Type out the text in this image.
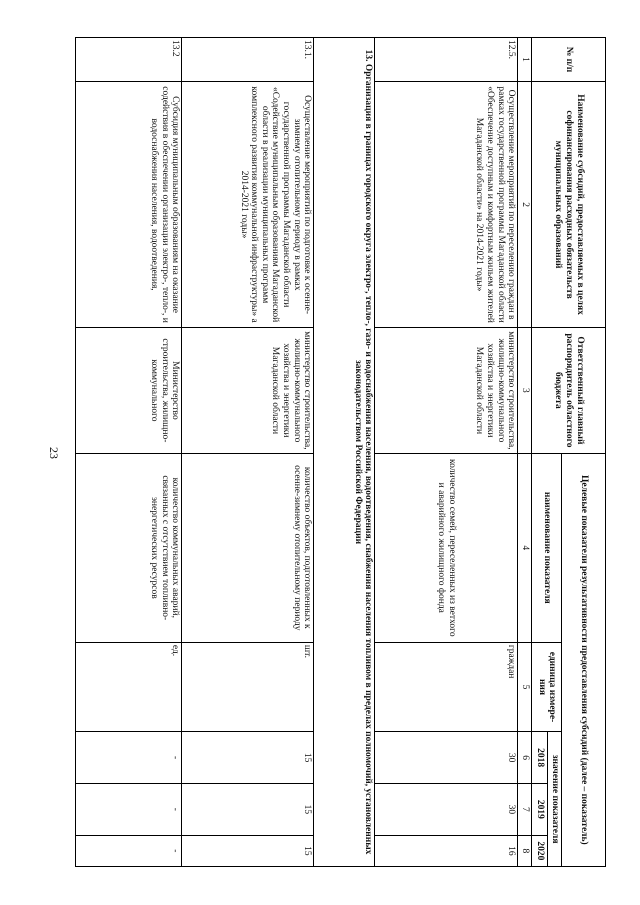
23
№ п/п	Наименование субсидий, предоставляемых в целях софинансирования расходных обязательств муниципальных образований	Ответственный главный распорядитель областного бюджета	Целевые показатели результативности предоставления субсидий (далее – показатель)				
			наименование показателя	единица измере-ния	значение показателя		
					2018	2019	2020
1	2	3	4	5	6	7	8
12.5.	Осуществление мероприятий по переселению граждан в рамках государственной программы Магаданской области «Обеспечение доступным и комфортным жильем жителей Магаданской области» на 2014-2021 годы»	министерство строительства, жилищно-коммунального хозяйства и энергетики Магаданской области	количество семей, переселенных из ветхого и аварийного жилищного фонда	граждан	30	30	16
13. Организация в границах городского округа электро-, тепло-, газо- и водоснабжения населения, водоотведения, снабжения населения топливом в пределах полномочий, установленных законодательством Российской Федерации							
13.1.	Осуществление мероприятий по подготовке к осенне-зимнему отопительному периоду в рамках государственной программы Магаданской области «Содействие муниципальным образованиям Магаданской области в реализации муниципальных программ комплексного развития коммунальной инфраструктуры» а 2014-2021 годы»	министерство строительства, жилищно-коммунального хозяйства и энергетики Магаданской области	количество объектов, подготовленных к осенне-зимнему отопительному периоду	шт.	15	15	15
13.2	Субсидия муниципальным образованиям на оказание содействия в обеспечении организации электро-, тепло-, и водоснабжения населения, водоотведения,	Министерство строительства, жилищно-коммунального	количество коммунальных аварий, связанных с отсутствием топливно-энергетических ресурсов	ед.	-	-	-
